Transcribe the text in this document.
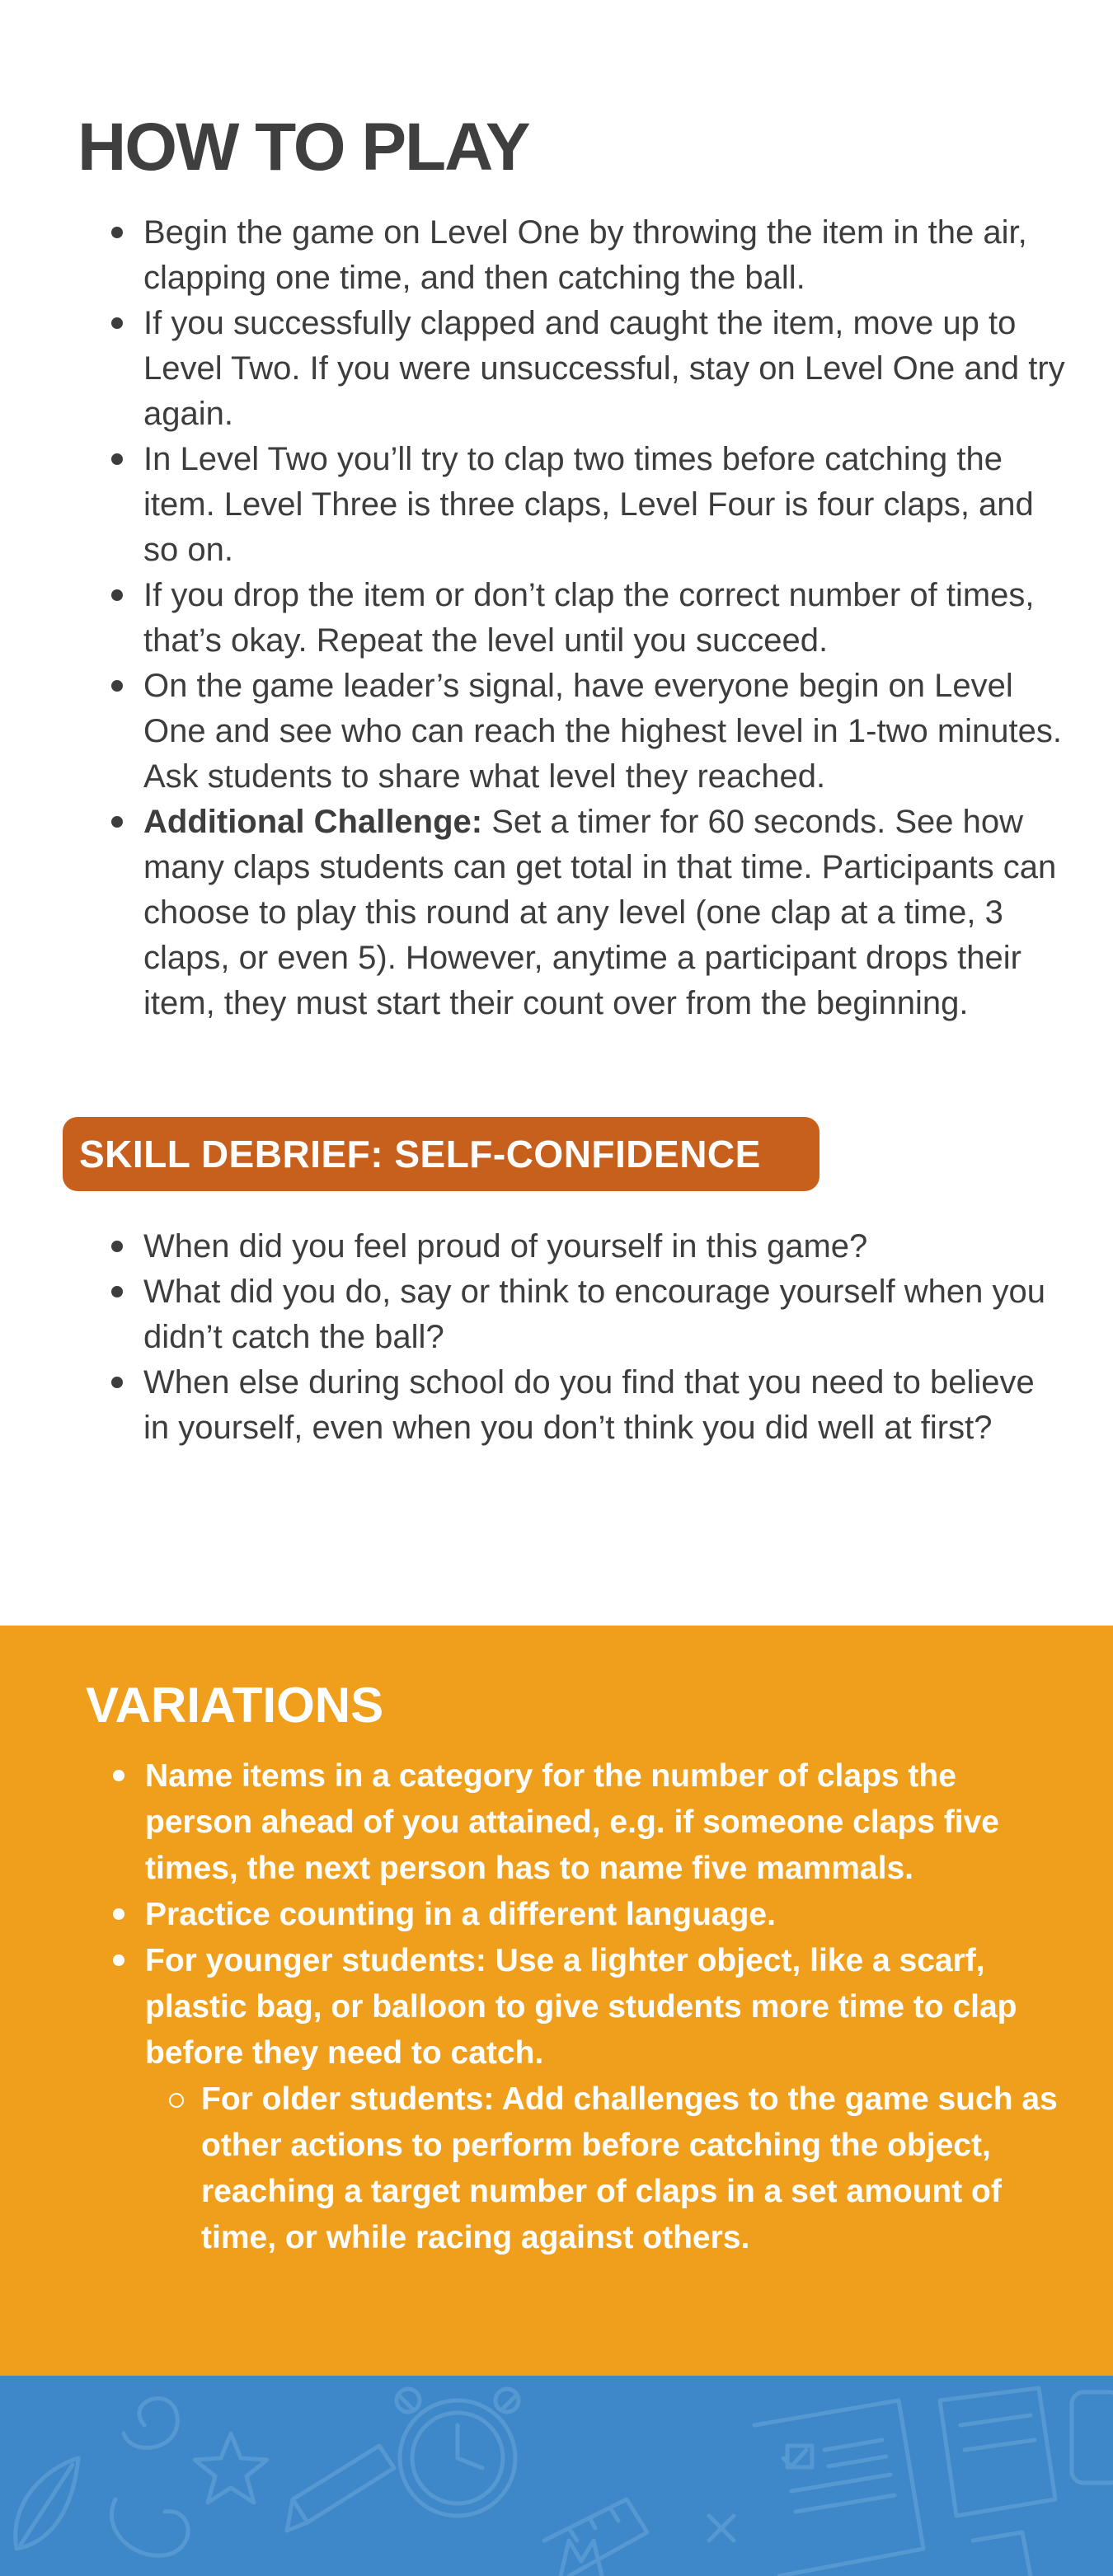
HOW TO PLAY
Begin the game on Level One by throwing the item in the air, clapping one time, and then catching the ball.
If you successfully clapped and caught the item, move up to Level Two. If you were unsuccessful, stay on Level One and try again.
In Level Two you’ll try to clap two times before catching the item. Level Three is three claps, Level Four is four claps, and so on.
If you drop the item or don’t clap the correct number of times, that’s okay. Repeat the level until you succeed.
On the game leader’s signal, have everyone begin on Level One and see who can reach the highest level in 1-two minutes. Ask students to share what level they reached.
Additional Challenge: Set a timer for 60 seconds. See how many claps students can get total in that time. Participants can choose to play this round at any level (one clap at a time, 3 claps, or even 5). However, anytime a participant drops their item, they must start their count over from the beginning.
SKILL DEBRIEF: SELF-CONFIDENCE
When did you feel proud of yourself in this game?
What did you do, say or think to encourage yourself when you didn’t catch the ball?
When else during school do you find that you need to believe in yourself, even when you don’t think you did well at first?
VARIATIONS
Name items in a category for the number of claps the person ahead of you attained, e.g. if someone claps five times, the next person has to name five mammals.
Practice counting in a different language.
For younger students: Use a lighter object, like a scarf, plastic bag, or balloon to give students more time to clap before they need to catch.
For older students: Add challenges to the game such as other actions to perform before catching the object, reaching a target number of claps in a set amount of time, or while racing against others.
